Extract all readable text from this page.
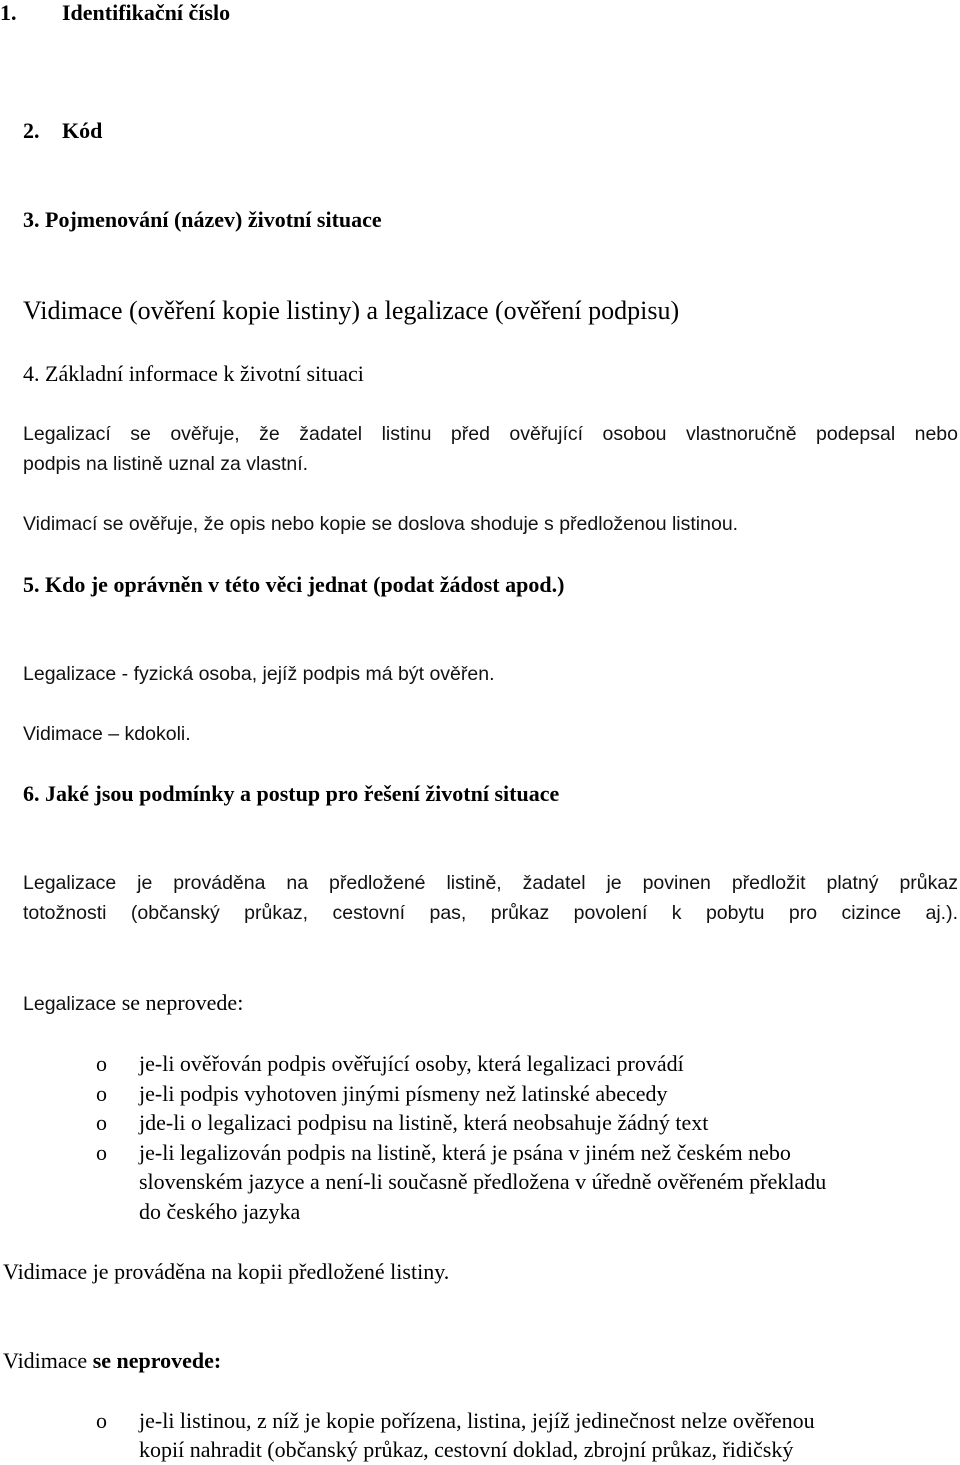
1. Identifikační číslo
2. Kód
3. Pojmenování (název) životní situace
Vidimace (ověření kopie listiny) a legalizace (ověření podpisu)
4. Základní informace k životní situaci
Legalizací se ověřuje, že žadatel listinu před ověřující osobou vlastnoručně podepsal nebo
podpis na listině uznal za vlastní.
Vidimací se ověřuje, že opis nebo kopie se doslova shoduje s předloženou listinou.
5. Kdo je oprávněn v této věci jednat (podat žádost apod.)
Legalizace - fyzická osoba, jejíž podpis má být ověřen.
Vidimace – kdokoli.
6. Jaké jsou podmínky a postup pro řešení životní situace
Legalizace je prováděna na předložené listině, žadatel je povinen předložit platný průkaz
totožnosti (občanský průkaz, cestovní pas, průkaz povolení k pobytu pro cizince aj.).
Legalizace se neprovede:
o je-li ověřován podpis ověřující osoby, která legalizaci provádí
o je-li podpis vyhotoven jinými písmeny než latinské abecedy
o jde-li o legalizaci podpisu na listině, která neobsahuje žádný text
o je-li legalizován podpis na listině, která je psána v jiném než českém nebo
slovenském jazyce a není-li současně předložena v úředně ověřeném překladu
do českého jazyka
Vidimace je prováděna na kopii předložené listiny.
Vidimace se neprovede:
o je-li listinou, z níž je kopie pořízena, listina, jejíž jedinečnost nelze ověřenou
kopií nahradit (občanský průkaz, cestovní doklad, zbrojní průkaz, řidičský
